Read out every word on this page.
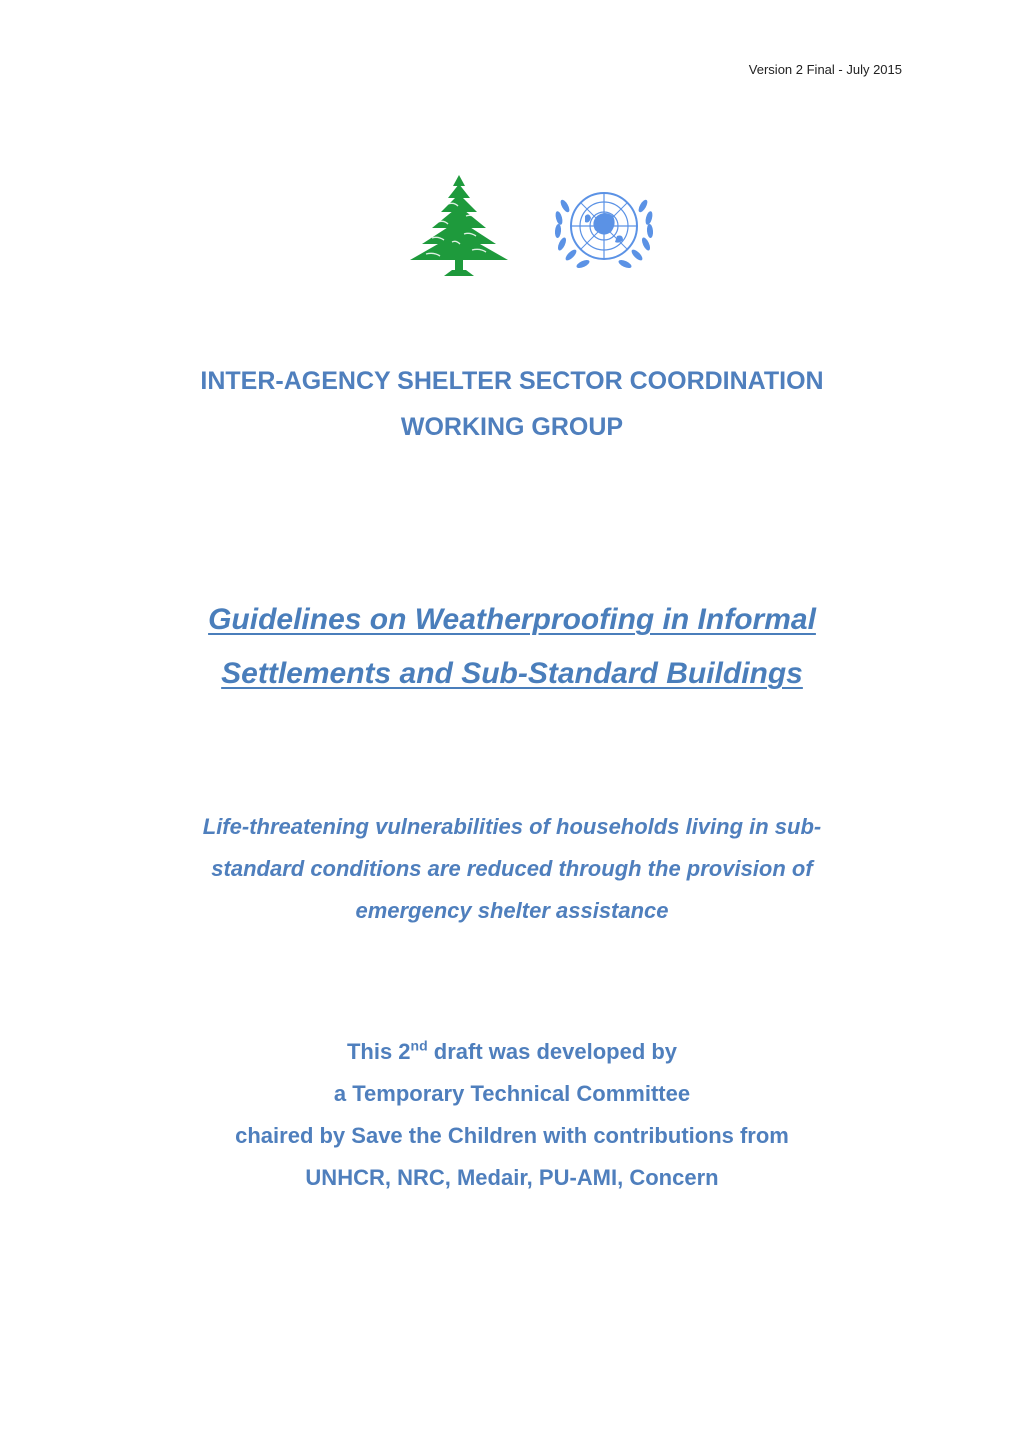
Version 2 Final - July 2015
INTER-AGENCY SHELTER SECTOR COORDINATION
WORKING GROUP
Guidelines on Weatherproofing in Informal
Settlements and Sub-Standard Buildings
Life-threatening vulnerabilities of households living in sub-
standard conditions are reduced through the provision of
emergency shelter assistance
This 2nd draft was developed by
a Temporary Technical Committee
chaired by Save the Children with contributions from
UNHCR, NRC, Medair, PU-AMI, Concern
